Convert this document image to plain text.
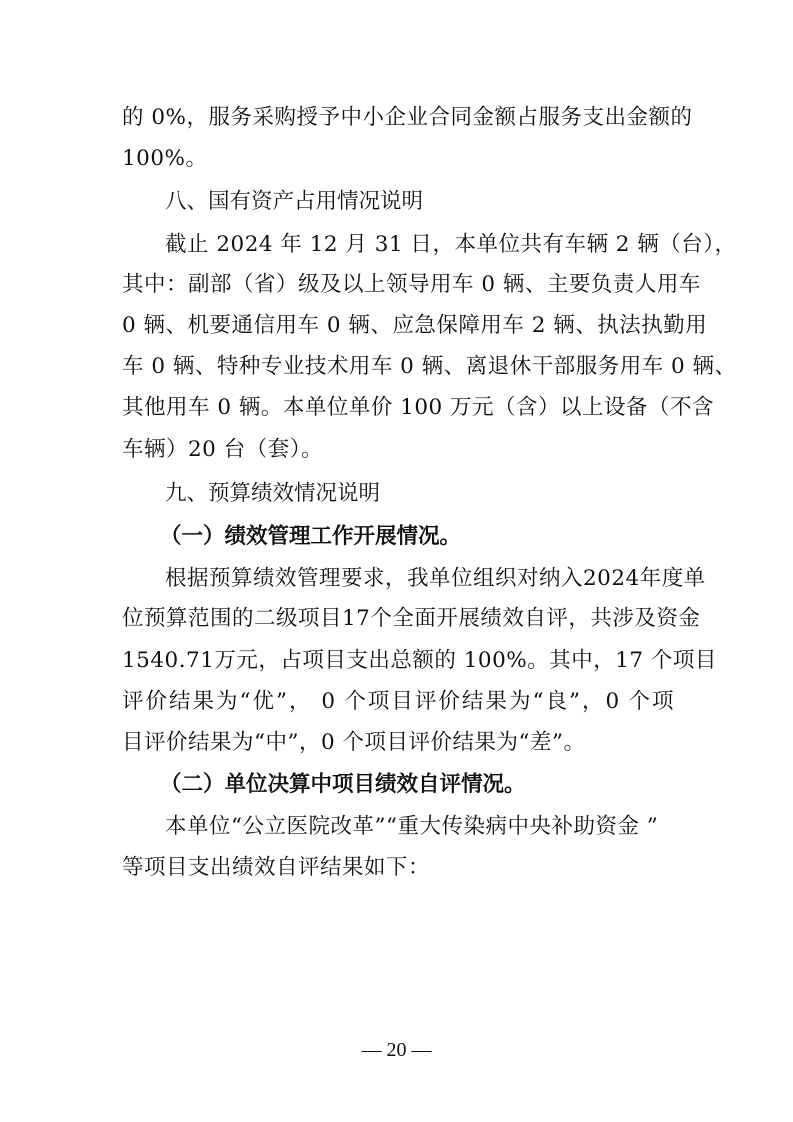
的 0%，服务采购授予中小企业合同金额占服务支出金额的
100%。
八、国有资产占用情况说明
截止 2024 年 12 月 31 日，本单位共有车辆 2 辆（台），
其中：副部（省）级及以上领导用车 0 辆、主要负责人用车
0 辆、机要通信用车 0 辆、应急保障用车 2 辆、执法执勤用
车 0 辆、特种专业技术用车 0 辆、离退休干部服务用车 0 辆、
其他用车 0 辆。本单位单价 100 万元（含）以上设备（不含
车辆）20 台（套）。
九、预算绩效情况说明
（一）绩效管理工作开展情况。
根据预算绩效管理要求，我单位组织对纳入2024年度单
位预算范围的二级项目17个全面开展绩效自评，共涉及资金
1540.71万元，占项目支出总额的 100%。其中，17 个项目
评价结果为“优”， 0 个项目评价结果为“良”，0 个项
目评价结果为“中”，0 个项目评价结果为“差”。
（二）单位决算中项目绩效自评情况。
本单位“公立医院改革”“重大传染病中央补助资金 ”
等项目支出绩效自评结果如下：
— 20 —
